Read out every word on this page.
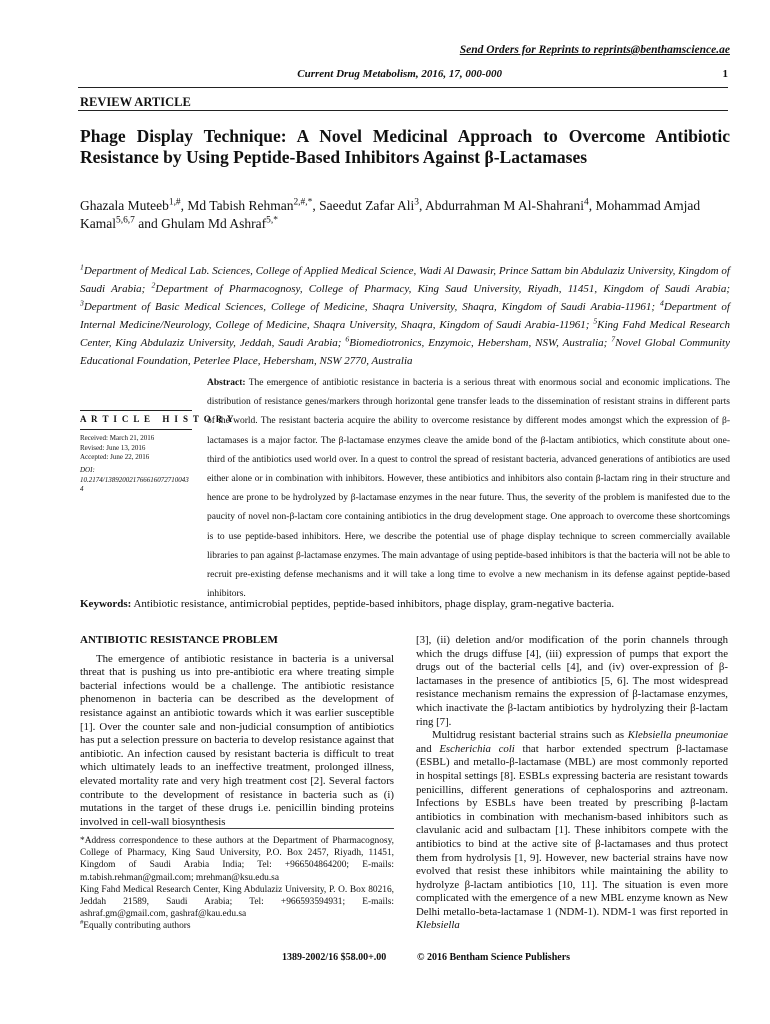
Send Orders for Reprints to reprints@benthamscience.ae
Current Drug Metabolism, 2016, 17, 000-000	1
REVIEW ARTICLE
Phage Display Technique: A Novel Medicinal Approach to Overcome Antibiotic Resistance by Using Peptide-Based Inhibitors Against β-Lactamases
Ghazala Muteeb$^{1,\#}$, Md Tabish Rehman$^{2,\#,*}$, Saeedut Zafar Ali$^3$, Abdurrahman M Al-Shahrani$^4$, Mohammad Amjad Kamal$^{5,6,7}$ and Ghulam Md Ashraf$^{5,*}$
$^1$Department of Medical Lab. Sciences, College of Applied Medical Science, Wadi Al Dawasir, Prince Sattam bin Abdulaziz University, Kingdom of Saudi Arabia; $^2$Department of Pharmacognosy, College of Pharmacy, King Saud University, Riyadh, 11451, Kingdom of Saudi Arabia; $^3$Department of Basic Medical Sciences, College of Medicine, Shaqra University, Shaqra, Kingdom of Saudi Arabia-11961; $^4$Department of Internal Medicine/Neurology, College of Medicine, Shaqra University, Shaqra, Kingdom of Saudi Arabia-11961; $^5$King Fahd Medical Research Center, King Abdulaziz University, Jeddah, Saudi Arabia; $^6$Biomediotronics, Enzymoic, Hebersham, NSW, Australia; $^7$Novel Global Community Educational Foundation, Peterlee Place, Hebersham, NSW 2770, Australia
A R T I C L E   H I S T O R Y
Received: March 21, 2016
Revised: June 13, 2016
Accepted: June 22, 2016
DOI:
10.2174/1389200217666160727100434
Abstract: The emergence of antibiotic resistance in bacteria is a serious threat with enormous social and economic implications. The distribution of resistance genes/markers through horizontal gene transfer leads to the dissemination of resistant strains in different parts of the world. The resistant bacteria acquire the ability to overcome resistance by different modes amongst which the expression of β-lactamases is a major factor. The β-lactamase enzymes cleave the amide bond of the β-lactam antibiotics, which constitute about one-third of the antibiotics used world over. In a quest to control the spread of resistant bacteria, advanced generations of antibiotics are used either alone or in combination with inhibitors. However, these antibiotics and inhibitors also contain β-lactam ring in their structure and hence are prone to be hydrolyzed by β-lactamase enzymes in the near future. Thus, the severity of the problem is manifested due to the paucity of novel non-β-lactam core containing antibiotics in the drug development stage. One approach to overcome these shortcomings is to use peptide-based inhibitors. Here, we describe the potential use of phage display technique to screen commercially available libraries to pan against β-lactamase enzymes. The main advantage of using peptide-based inhibitors is that the bacteria will not be able to recruit pre-existing defense mechanisms and it will take a long time to evolve a new mechanism in its defense against peptide-based inhibitors.
Keywords: Antibiotic resistance, antimicrobial peptides, peptide-based inhibitors, phage display, gram-negative bacteria.
ANTIBIOTIC RESISTANCE PROBLEM

The emergence of antibiotic resistance in bacteria is a universal threat that is pushing us into pre-antibiotic era where treating simple bacterial infections would be a challenge. The antibiotic resistance phenomenon in bacteria can be described as the development of resistance against an antibiotic towards which it was earlier susceptible [1]. Over the counter sale and non-judicial consumption of antibiotics has put a selection pressure on bacteria to develop resistance against that antibiotic. An infection caused by resistant bacteria is difficult to treat which ultimately leads to an ineffective treatment, prolonged illness, elevated mortality rate and very high treatment cost [2]. Several factors contribute to the development of resistance in bacteria such as (i) mutations in the target of these drugs i.e. penicillin binding proteins involved in cell-wall biosynthesis

*Address correspondence to these authors at the Department of Pharmacognosy, College of Pharmacy, King Saud University, P.O. Box 2457, Riyadh, 11451, Kingdom of Saudi Arabia India; Tel: +966504864200; E-mails: m.tabish.rehman@gmail.com; mrehman@ksu.edu.sa
King Fahd Medical Research Center, King Abdulaziz University, P. O. Box 80216, Jeddah 21589, Saudi Arabia; Tel: +966593594931; E-mails: ashraf.gm@gmail.com, gashraf@kau.edu.sa
#Equally contributing authors

[3], (ii) deletion and/or modification of the porin channels through which the drugs diffuse [4], (iii) expression of pumps that export the drugs out of the bacterial cells [4], and (iv) over-expression of β-lactamases in the presence of antibiotics [5, 6]. The most widespread resistance mechanism remains the expression of β-lactamase enzymes, which inactivate the β-lactam antibiotics by hydrolyzing their β-lactam ring [7].

Multidrug resistant bacterial strains such as Klebsiella pneumoniae and Escherichia coli that harbor extended spectrum β-lactamase (ESBL) and metallo-β-lactamase (MBL) are most commonly reported in hospital settings [8]. ESBLs expressing bacteria are resistant towards penicillins, different generations of cephalosporins and aztreonam. Infections by ESBLs have been treated by prescribing β-lactam antibiotics in combination with mechanism-based inhibitors such as clavulanic acid and sulbactam [1]. These inhibitors compete with the antibiotics to bind at the active site of β-lactamases and thus protect them from hydrolysis [1, 9]. However, new bacterial strains have now evolved that resist these inhibitors while maintaining the ability to hydrolyze β-lactam antibiotics [10, 11]. The situation is even more complicated with the emergence of a new MBL enzyme known as New Delhi metallo-beta-lactamase 1 (NDM-1). NDM-1 was first reported in Klebsiella

1389-2002/16 $58.00+.00	© 2016 Bentham Science Publishers
